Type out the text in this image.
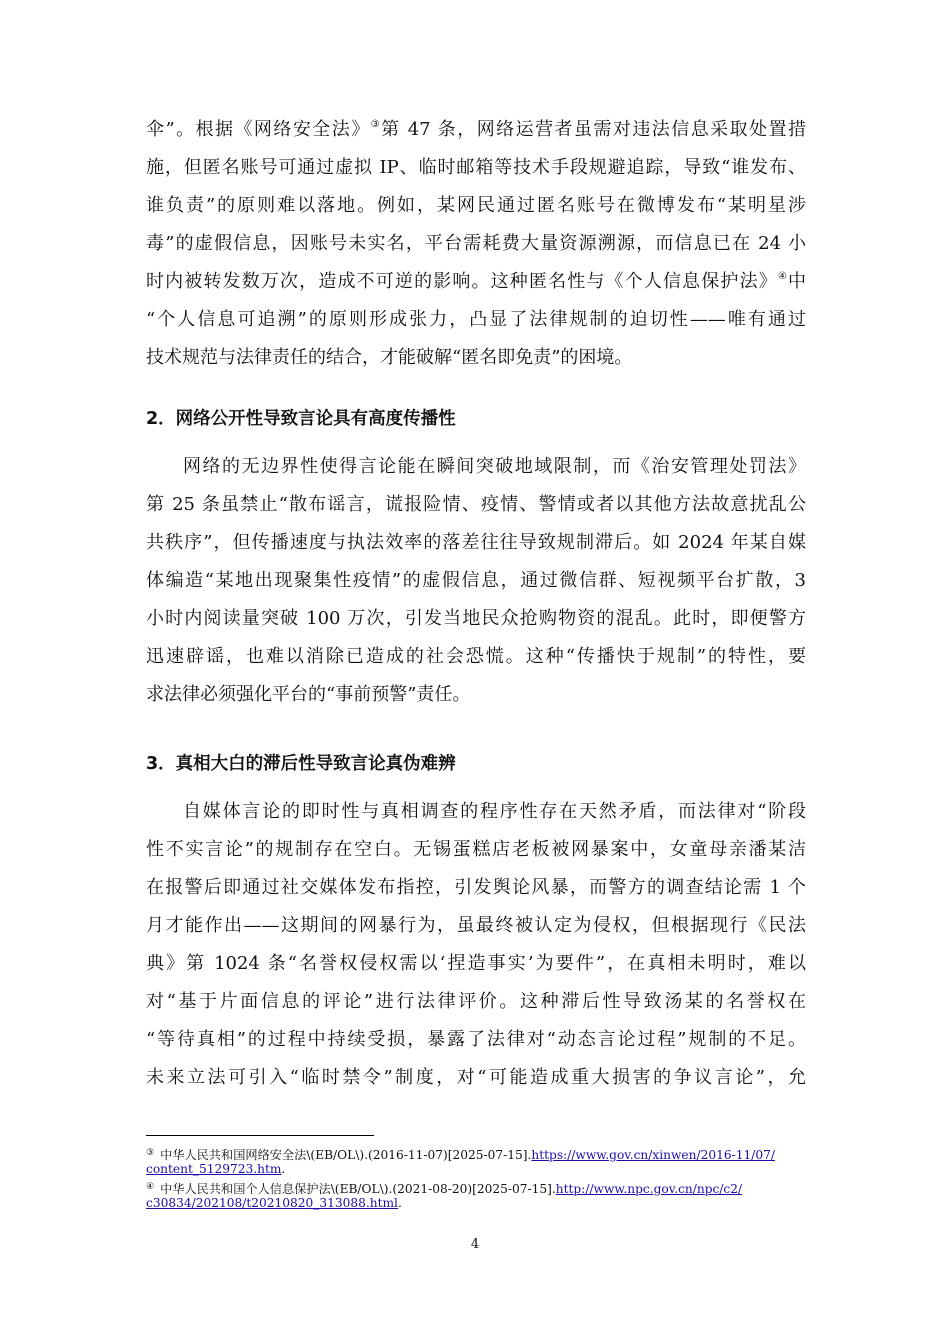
伞”。根据《网络安全法》③第 47 条，网络运营者虽需对违法信息采取处置措
施，但匿名账号可通过虚拟 IP、临时邮箱等技术手段规避追踪，导致“谁发布、
谁负责”的原则难以落地。例如，某网民通过匿名账号在微博发布“某明星涉
毒”的虚假信息，因账号未实名，平台需耗费大量资源溯源，而信息已在 24 小
时内被转发数万次，造成不可逆的影响。这种匿名性与《个人信息保护法》④中
“个人信息可追溯”的原则形成张力，凸显了法律规制的迫切性——唯有通过
技术规范与法律责任的结合，才能破解“匿名即免责”的困境。
2．网络公开性导致言论具有高度传播性
网络的无边界性使得言论能在瞬间突破地域限制，而《治安管理处罚法》
第 25 条虽禁止“散布谣言，谎报险情、疫情、警情或者以其他方法故意扰乱公
共秩序”，但传播速度与执法效率的落差往往导致规制滞后。如 2024 年某自媒
体编造“某地出现聚集性疫情”的虚假信息，通过微信群、短视频平台扩散，3
小时内阅读量突破 100 万次，引发当地民众抢购物资的混乱。此时，即便警方
迅速辟谣，也难以消除已造成的社会恐慌。这种“传播快于规制”的特性，要
求法律必须强化平台的“事前预警”责任。
3．真相大白的滞后性导致言论真伪难辨
自媒体言论的即时性与真相调查的程序性存在天然矛盾，而法律对“阶段
性不实言论”的规制存在空白。无锡蛋糕店老板被网暴案中，女童母亲潘某洁
在报警后即通过社交媒体发布指控，引发舆论风暴，而警方的调查结论需 1 个
月才能作出——这期间的网暴行为，虽最终被认定为侵权，但根据现行《民法
典》第 1024 条“名誉权侵权需以‘捏造事实’为要件”，在真相未明时，难以
对“基于片面信息的评论”进行法律评价。这种滞后性导致汤某的名誉权在
“等待真相”的过程中持续受损，暴露了法律对“动态言论过程”规制的不足。
未来立法可引入“临时禁令”制度，对“可能造成重大损害的争议言论”，允
③ 中华人民共和国网络安全法\(EB/OL\).(2016-11-07)[2025-07-15].https://www.gov.cn/xinwen/2016-11/07/
content_5129723.htm.
④ 中华人民共和国个人信息保护法\(EB/OL\).(2021-08-20)[2025-07-15].http://www.npc.gov.cn/npc/c2/
c30834/202108/t20210820_313088.html.
4
